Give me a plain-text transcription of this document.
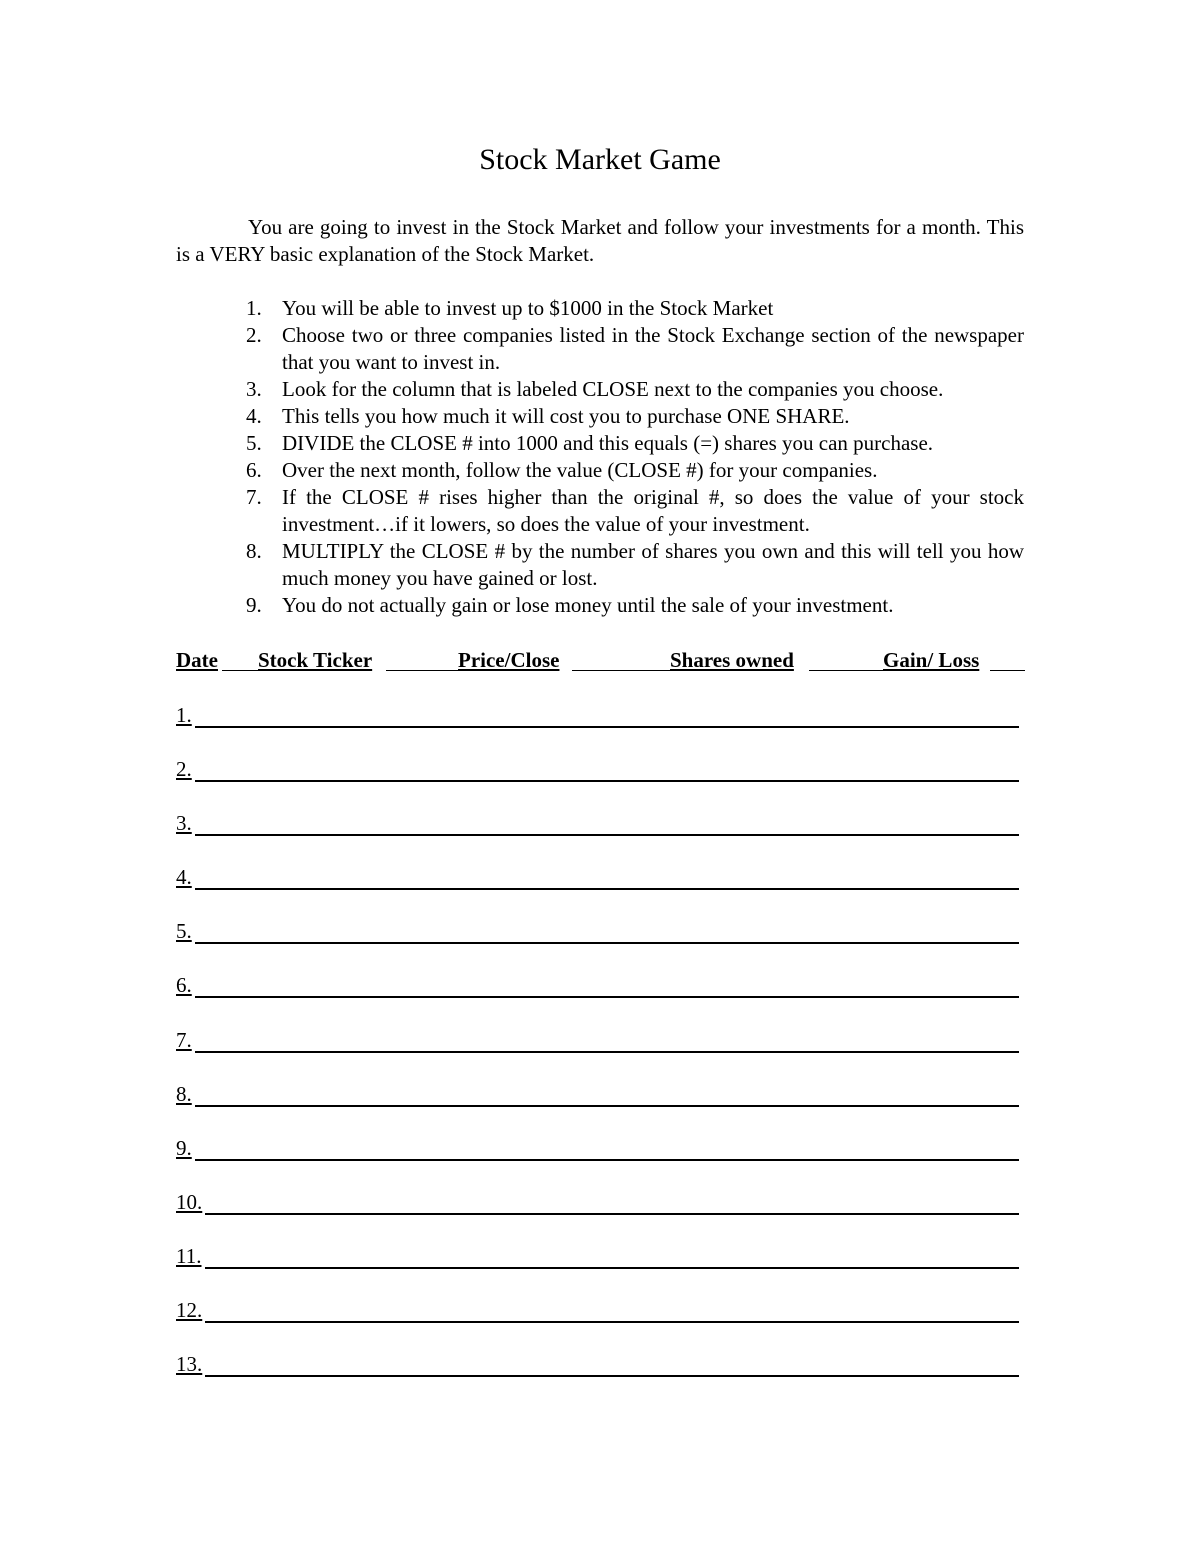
Stock Market Game

You are going to invest in the Stock Market and follow your investments for a month. This is a VERY basic explanation of the Stock Market.

1. You will be able to invest up to $1000 in the Stock Market
2. Choose two or three companies listed in the Stock Exchange section of the newspaper that you want to invest in.
3. Look for the column that is labeled CLOSE next to the companies you choose.
4. This tells you how much it will cost you to purchase ONE SHARE.
5. DIVIDE the CLOSE # into 1000 and this equals (=) shares you can purchase.
6. Over the next month, follow the value (CLOSE #) for your companies.
7. If the CLOSE # rises higher than the original #, so does the value of your stock investment…if it lowers, so does the value of your investment.
8. MULTIPLY the CLOSE # by the number of shares you own and this will tell you how much money you have gained or lost.
9. You do not actually gain or lose money until the sale of your investment.
Date Stock Ticker	Price/Close	Shares owned	Gain/ Loss
1.
2.
3.
4.
5.
6.
7.
8.
9.
10.
11.
12.
13.
